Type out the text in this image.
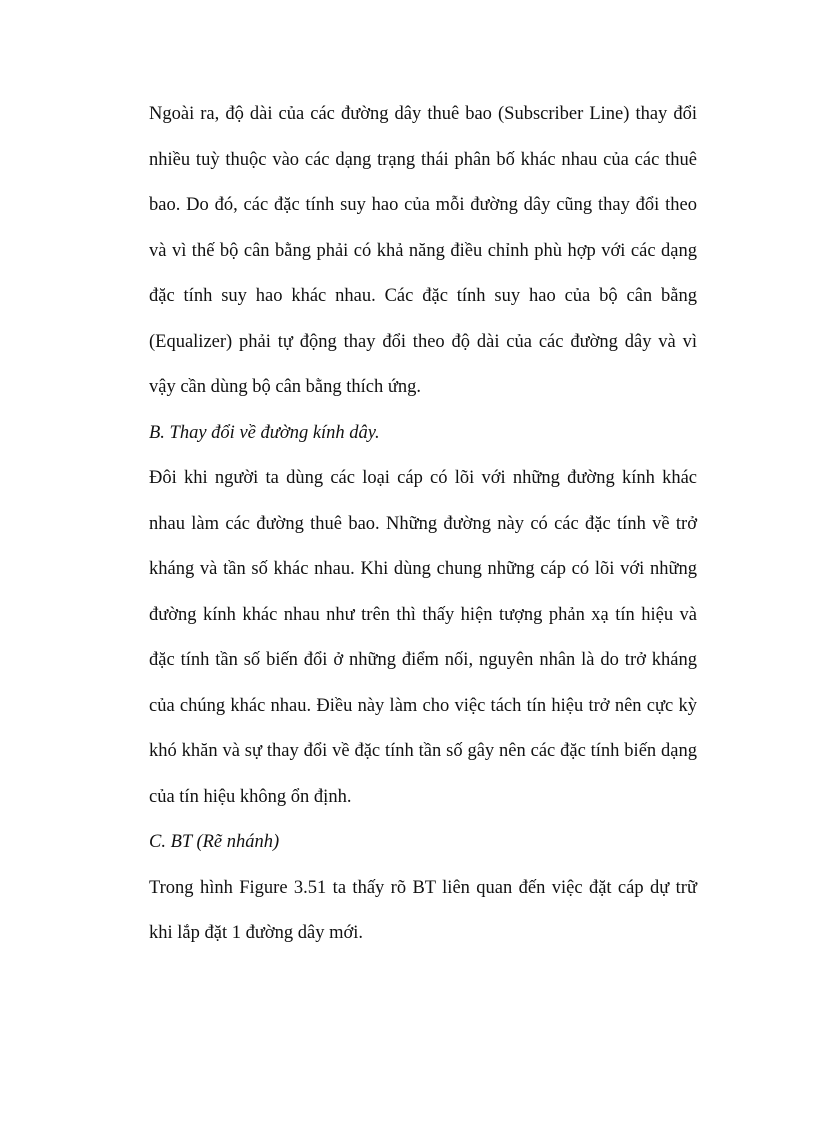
Ngoài ra, độ dài của các đường dây thuê bao (Subscriber Line) thay đổi nhiều tuỳ thuộc vào các dạng trạng thái phân bố khác nhau của các thuê bao. Do đó, các đặc tính suy hao của mỗi đường dây cũng thay đổi theo và vì thế bộ cân bằng phải có khả năng điều chỉnh phù hợp với các dạng đặc tính suy hao khác nhau. Các đặc tính suy hao của bộ cân bằng (Equalizer) phải tự động thay đổi theo độ dài của các đường dây và vì vậy cần dùng bộ cân bằng thích ứng.

B. Thay đổi về đường kính dây.

Đôi khi người ta dùng các loại cáp có lõi với những đường kính khác nhau làm các đường thuê bao. Những đường này có các đặc tính về trở kháng và tần số khác nhau. Khi dùng chung những cáp có lõi với những đường kính khác nhau như trên thì thấy hiện tượng phản xạ tín hiệu và đặc tính tần số biến đổi ở những điểm nối, nguyên nhân là do trở kháng của chúng khác nhau. Điều này làm cho việc tách tín hiệu trở nên cực kỳ khó khăn và sự thay đổi về đặc tính tần số gây nên các đặc tính biến dạng của tín hiệu không ổn định.

C. BT (Rẽ nhánh)

Trong hình Figure 3.51 ta thấy rõ BT liên quan đến việc đặt cáp dự trữ khi lắp đặt 1 đường dây mới.
